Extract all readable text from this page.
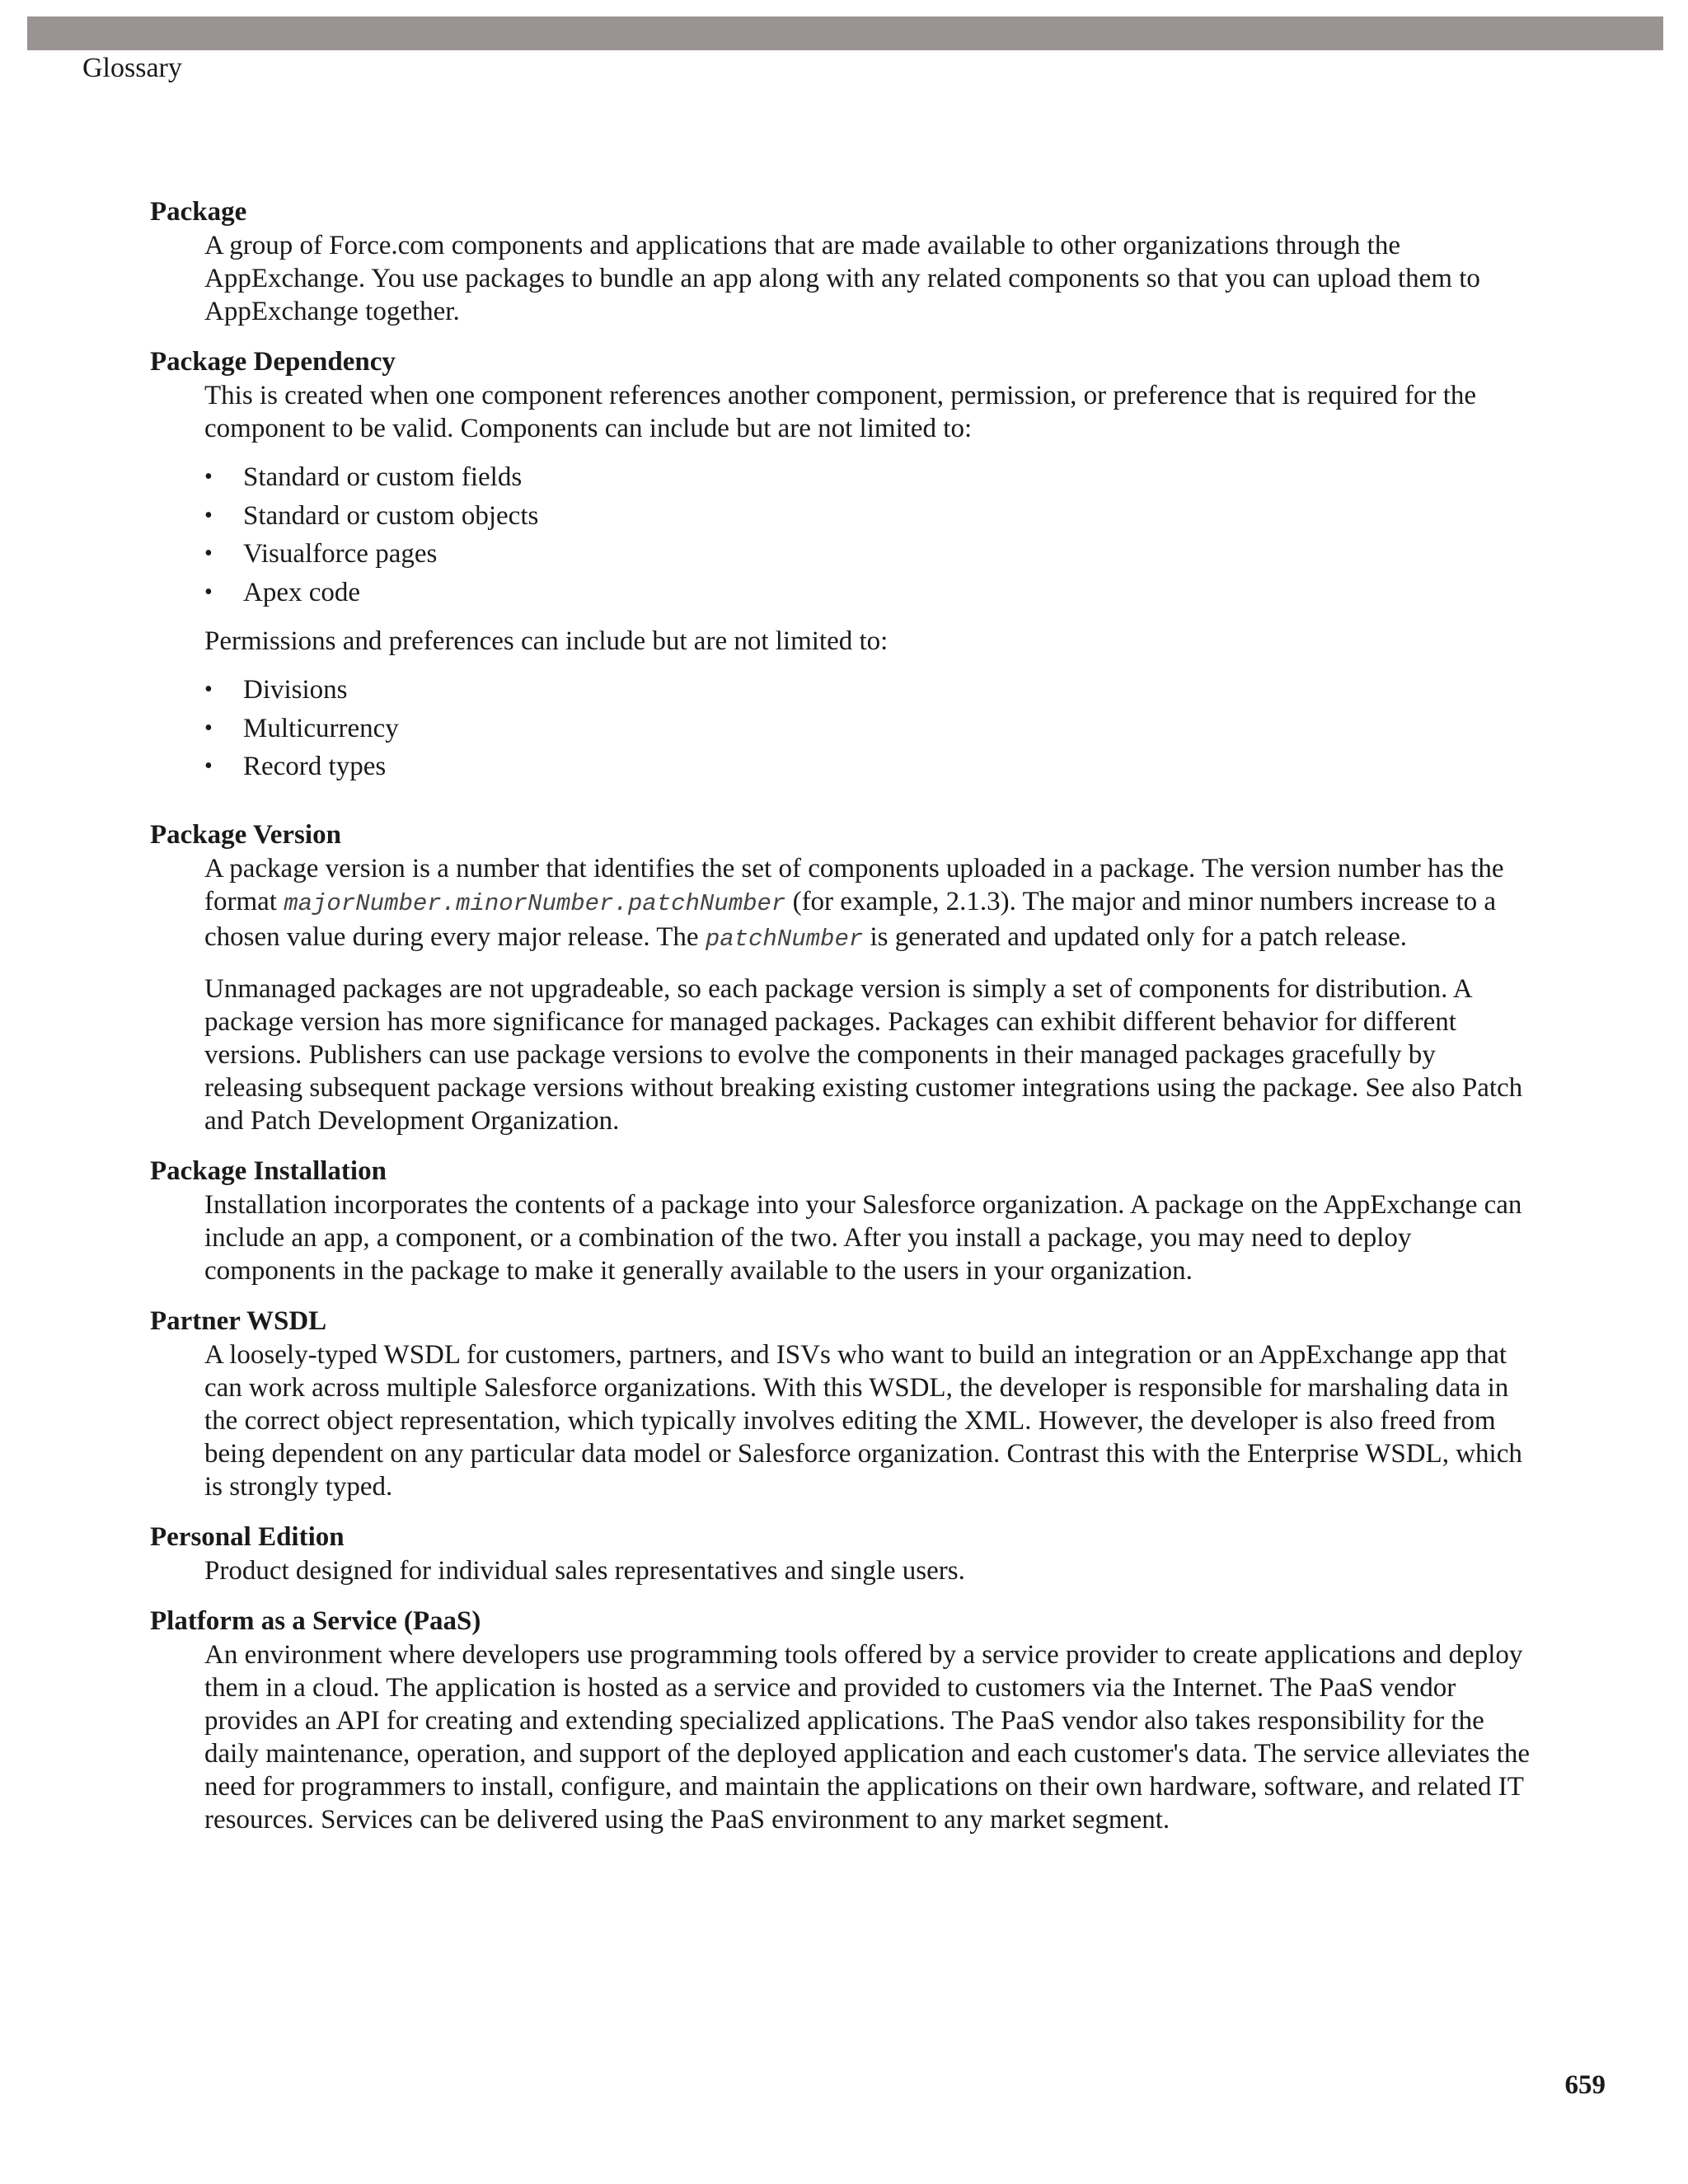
Glossary
Package

A group of Force.com components and applications that are made available to other organizations through the AppExchange. You use packages to bundle an app along with any related components so that you can upload them to AppExchange together.

Package Dependency

This is created when one component references another component, permission, or preference that is required for the component to be valid. Components can include but are not limited to:

• Standard or custom fields
• Standard or custom objects
• Visualforce pages
• Apex code

Permissions and preferences can include but are not limited to:

• Divisions
• Multicurrency
• Record types
Package Version

A package version is a number that identifies the set of components uploaded in a package. The version number has the format majorNumber.minorNumber.patchNumber (for example, 2.1.3). The major and minor numbers increase to a chosen value during every major release. The patchNumber is generated and updated only for a patch release.

Unmanaged packages are not upgradeable, so each package version is simply a set of components for distribution. A package version has more significance for managed packages. Packages can exhibit different behavior for different versions. Publishers can use package versions to evolve the components in their managed packages gracefully by releasing subsequent package versions without breaking existing customer integrations using the package. See also Patch and Patch Development Organization.

Package Installation

Installation incorporates the contents of a package into your Salesforce organization. A package on the AppExchange can include an app, a component, or a combination of the two. After you install a package, you may need to deploy components in the package to make it generally available to the users in your organization.

Partner WSDL

A loosely-typed WSDL for customers, partners, and ISVs who want to build an integration or an AppExchange app that can work across multiple Salesforce organizations. With this WSDL, the developer is responsible for marshaling data in the correct object representation, which typically involves editing the XML. However, the developer is also freed from being dependent on any particular data model or Salesforce organization. Contrast this with the Enterprise WSDL, which is strongly typed.

Personal Edition

Product designed for individual sales representatives and single users.

Platform as a Service (PaaS)

An environment where developers use programming tools offered by a service provider to create applications and deploy them in a cloud. The application is hosted as a service and provided to customers via the Internet. The PaaS vendor provides an API for creating and extending specialized applications. The PaaS vendor also takes responsibility for the daily maintenance, operation, and support of the deployed application and each customer's data. The service alleviates the need for programmers to install, configure, and maintain the applications on their own hardware, software, and related IT resources. Services can be delivered using the PaaS environment to any market segment.

659
